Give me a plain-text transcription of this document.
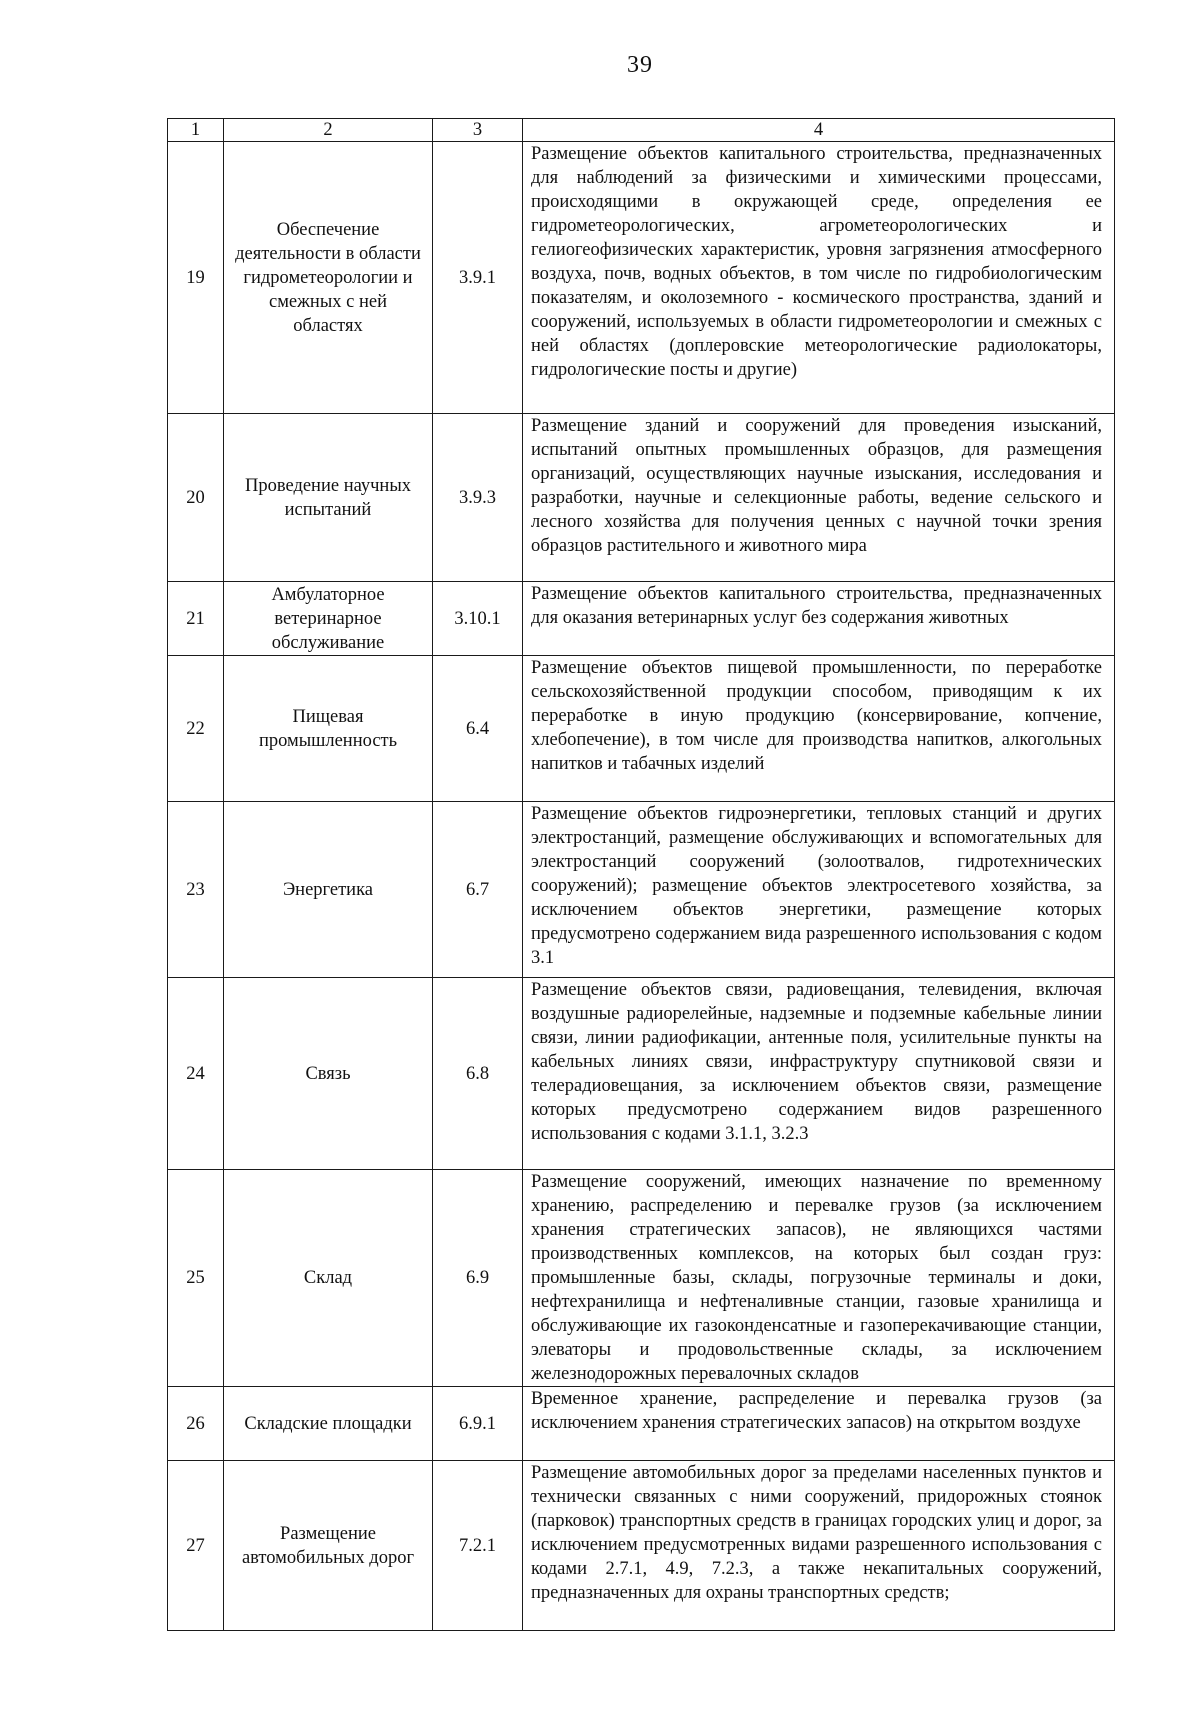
39
1	2	3	4
19	Обеспечение деятельности в области гидрометеорологии и смежных с ней областях	3.9.1	Размещение объектов капитального строительства, предназначенных для наблюдений за физическими и химическими процессами, происходящими в окружающей среде, определения ее гидрометеорологических, агрометеорологических и гелиогеофизических характеристик, уровня загрязнения атмосферного воздуха, почв, водных объектов, в том числе по гидробиологическим показателям, и околоземного - космического пространства, зданий и сооружений, используемых в области гидрометеорологии и смежных с ней областях (доплеровские метеорологические радиолокаторы, гидрологические посты и другие)
20	Проведение научных испытаний	3.9.3	Размещение зданий и сооружений для проведения изысканий, испытаний опытных промышленных образцов, для размещения организаций, осуществляющих научные изыскания, исследования и разработки, научные и селекционные работы, ведение сельского и лесного хозяйства для получения ценных с научной точки зрения образцов растительного и животного мира
21	Амбулаторное ветеринарное обслуживание	3.10.1	Размещение объектов капитального строительства, предназначенных для оказания ветеринарных услуг без содержания животных
22	Пищевая промышленность	6.4	Размещение объектов пищевой промышленности, по переработке сельскохозяйственной продукции способом, приводящим к их переработке в иную продукцию (консервирование, копчение, хлебопечение), в том числе для производства напитков, алкогольных напитков и табачных изделий
23	Энергетика	6.7	Размещение объектов гидроэнергетики, тепловых станций и других электростанций, размещение обслуживающих и вспомогательных для электростанций сооружений (золоотвалов, гидротехнических сооружений); размещение объектов электросетевого хозяйства, за исключением объектов энергетики, размещение которых предусмотрено содержанием вида разрешенного использования с кодом 3.1
24	Связь	6.8	Размещение объектов связи, радиовещания, телевидения, включая воздушные радиорелейные, надземные и подземные кабельные линии связи, линии радиофикации, антенные поля, усилительные пункты на кабельных линиях связи, инфраструктуру спутниковой связи и телерадиовещания, за исключением объектов связи, размещение которых предусмотрено содержанием видов разрешенного использования с кодами 3.1.1, 3.2.3
25	Склад	6.9	Размещение сооружений, имеющих назначение по временному хранению, распределению и перевалке грузов (за исключением хранения стратегических запасов), не являющихся частями производственных комплексов, на которых был создан груз: промышленные базы, склады, погрузочные терминалы и доки, нефтехранилища и нефтеналивные станции, газовые хранилища и обслуживающие их газоконденсатные и газоперекачивающие станции, элеваторы и продовольственные склады, за исключением железнодорожных перевалочных складов
26	Складские площадки	6.9.1	Временное хранение, распределение и перевалка грузов (за исключением хранения стратегических запасов) на открытом воздухе
27	Размещение автомобильных дорог	7.2.1	Размещение автомобильных дорог за пределами населенных пунктов и технически связанных с ними сооружений, придорожных стоянок (парковок) транспортных средств в границах городских улиц и дорог, за исключением предусмотренных видами разрешенного использования с кодами 2.7.1, 4.9, 7.2.3, а также некапитальных сооружений, предназначенных для охраны транспортных средств;
